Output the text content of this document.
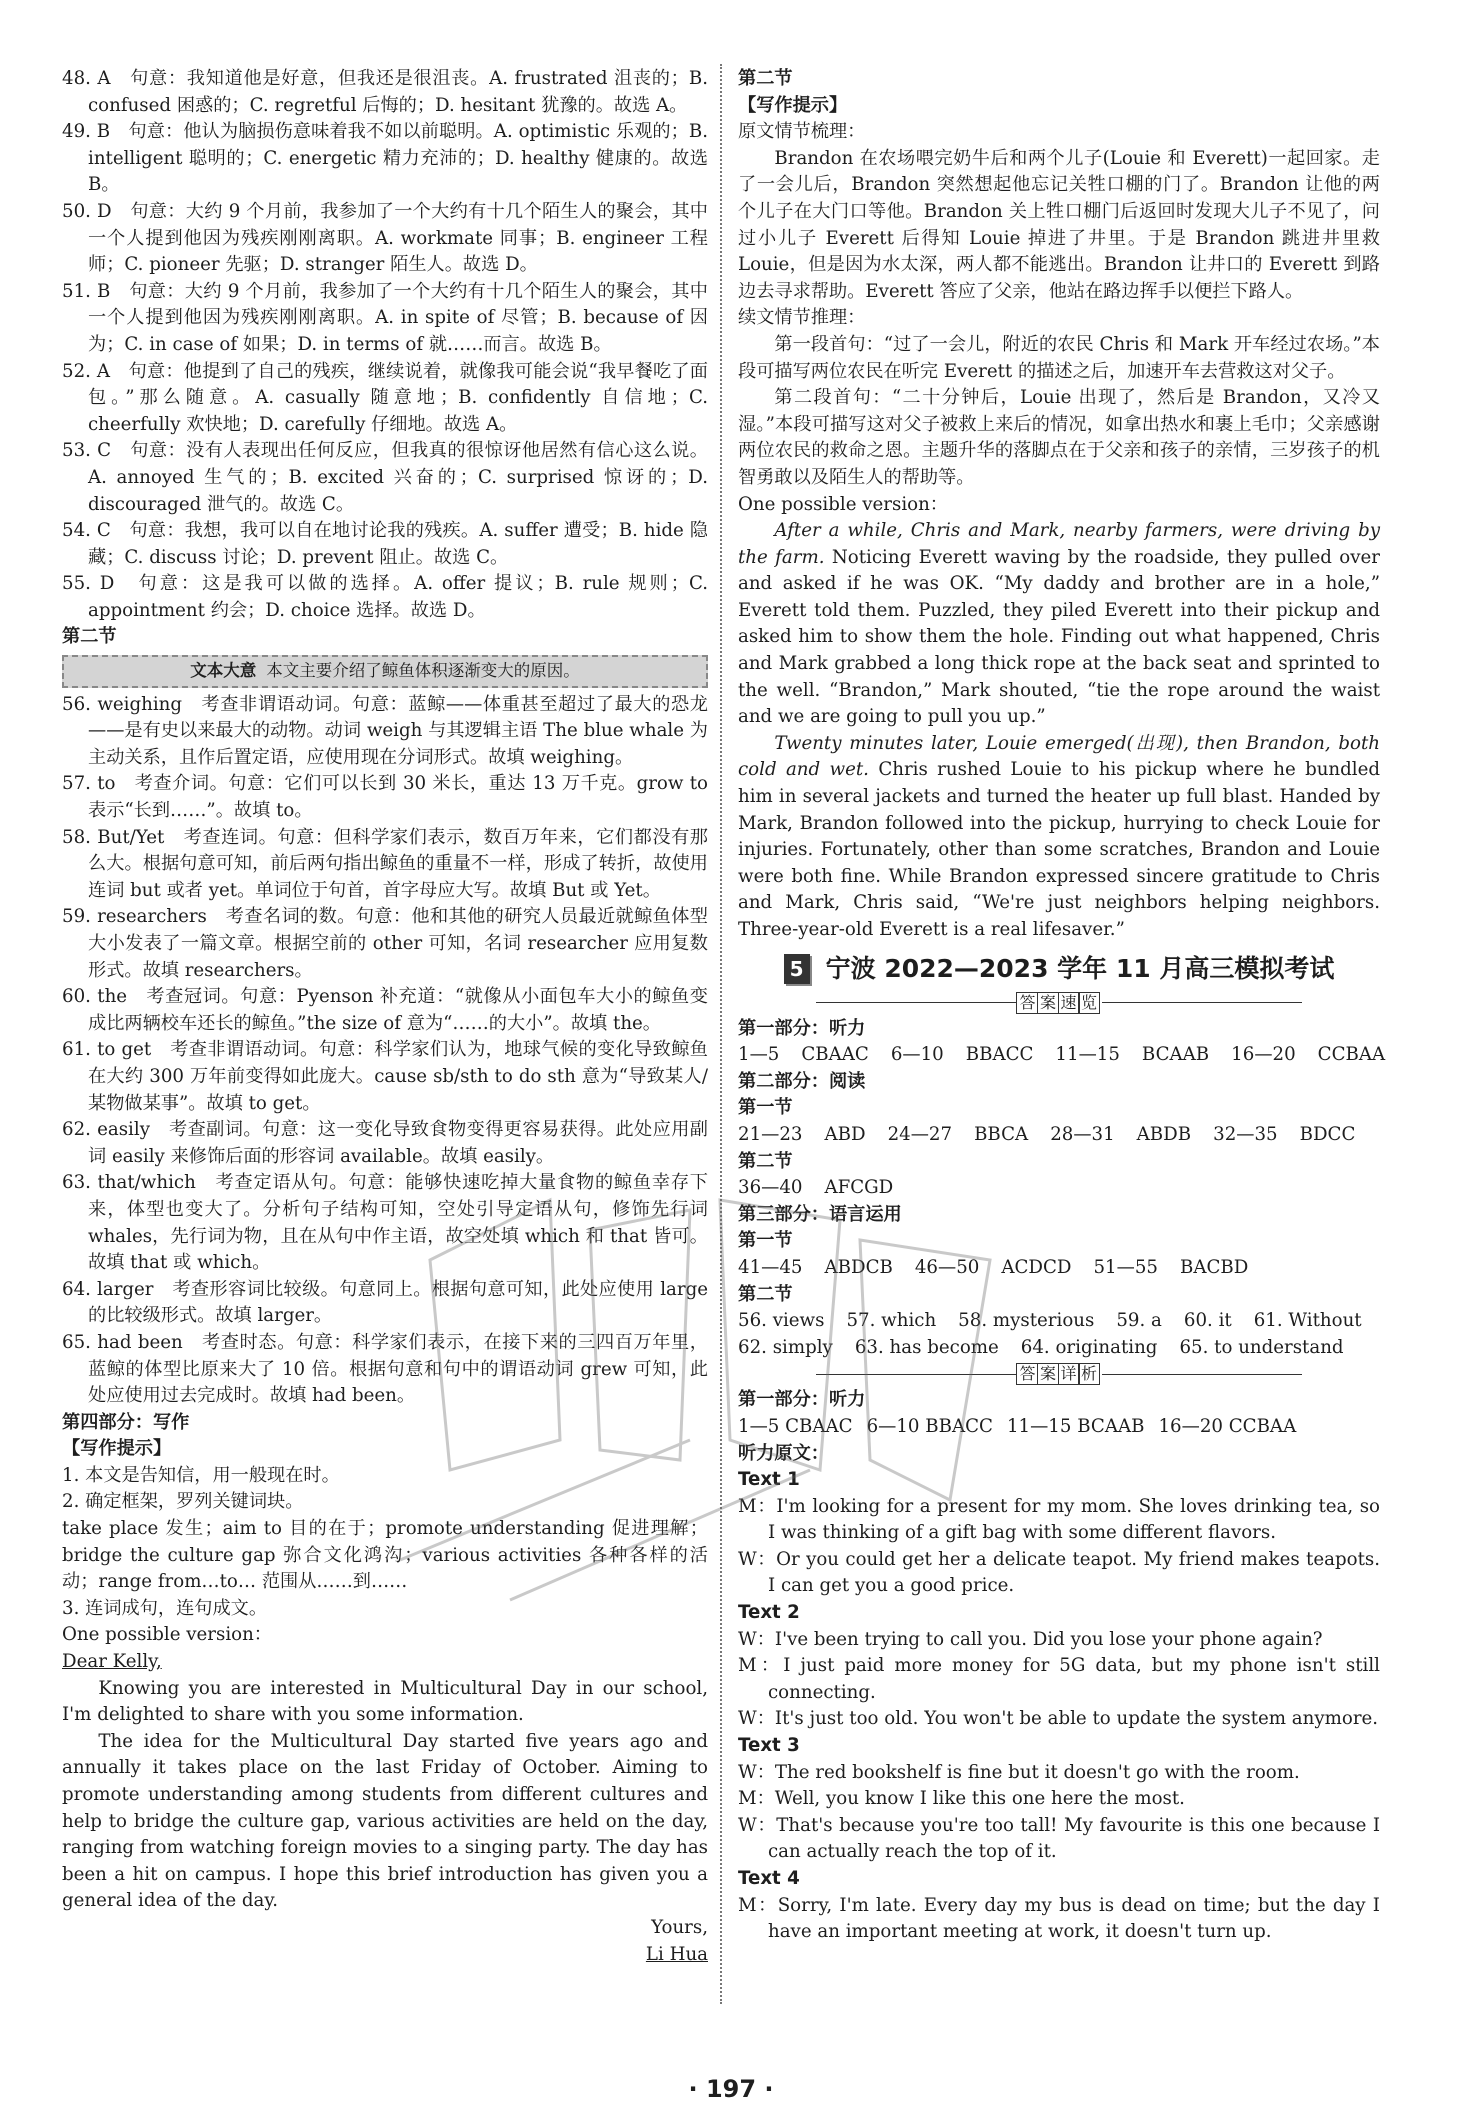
48. A　句意：我知道他是好意，但我还是很沮丧。A. frustrated 沮丧的；B. confused 困惑的；C. regretful 后悔的；D. hesitant 犹豫的。故选 A。
49. B　句意：他认为脑损伤意味着我不如以前聪明。A. optimistic 乐观的；B. intelligent 聪明的；C. energetic 精力充沛的；D. healthy 健康的。故选 B。
50. D　句意：大约 9 个月前，我参加了一个大约有十几个陌生人的聚会，其中一个人提到他因为残疾刚刚离职。A. workmate 同事；B. engineer 工程师；C. pioneer 先驱；D. stranger 陌生人。故选 D。
51. B　句意：大约 9 个月前，我参加了一个大约有十几个陌生人的聚会，其中一个人提到他因为残疾刚刚离职。A. in spite of 尽管；B. because of 因为；C. in case of 如果；D. in terms of 就……而言。故选 B。
52. A　句意：他提到了自己的残疾，继续说着，就像我可能会说“我早餐吃了面包。”那么随意。A. casually 随意地；B. confidently 自信地；C. cheerfully 欢快地；D. carefully 仔细地。故选 A。
53. C　句意：没有人表现出任何反应，但我真的很惊讶他居然有信心这么说。A. annoyed 生气的；B. excited 兴奋的；C. surprised 惊讶的；D. discouraged 泄气的。故选 C。
54. C　句意：我想，我可以自在地讨论我的残疾。A. suffer 遭受；B. hide 隐藏；C. discuss 讨论；D. prevent 阻止。故选 C。
55. D　句意：这是我可以做的选择。A. offer 提议；B. rule 规则；C. appointment 约会；D. choice 选择。故选 D。
第二节
文本大意 本文主要介绍了鲸鱼体积逐渐变大的原因。
56. weighing　考查非谓语动词。句意：蓝鲸——体重甚至超过了最大的恐龙——是有史以来最大的动物。动词 weigh 与其逻辑主语 The blue whale 为主动关系，且作后置定语，应使用现在分词形式。故填 weighing。
57. to　考查介词。句意：它们可以长到 30 米长，重达 13 万千克。grow to 表示“长到……”。故填 to。
58. But/Yet　考查连词。句意：但科学家们表示，数百万年来，它们都没有那么大。根据句意可知，前后两句指出鲸鱼的重量不一样，形成了转折，故使用连词 but 或者 yet。单词位于句首，首字母应大写。故填 But 或 Yet。
59. researchers　考查名词的数。句意：他和其他的研究人员最近就鲸鱼体型大小发表了一篇文章。根据空前的 other 可知，名词 researcher 应用复数形式。故填 researchers。
60. the　考查冠词。句意：Pyenson 补充道：“就像从小面包车大小的鲸鱼变成比两辆校车还长的鲸鱼。”the size of 意为“……的大小”。故填 the。
61. to get　考查非谓语动词。句意：科学家们认为，地球气候的变化导致鲸鱼在大约 300 万年前变得如此庞大。cause sb/sth to do sth 意为“导致某人/某物做某事”。故填 to get。
62. easily　考查副词。句意：这一变化导致食物变得更容易获得。此处应用副词 easily 来修饰后面的形容词 available。故填 easily。
63. that/which　考查定语从句。句意：能够快速吃掉大量食物的鲸鱼幸存下来，体型也变大了。分析句子结构可知，空处引导定语从句，修饰先行词 whales，先行词为物，且在从句中作主语，故空处填 which 和 that 皆可。故填 that 或 which。
64. larger　考查形容词比较级。句意同上。根据句意可知，此处应使用 large 的比较级形式。故填 larger。
65. had been　考查时态。句意：科学家们表示，在接下来的三四百万年里，蓝鲸的体型比原来大了 10 倍。根据句意和句中的谓语动词 grew 可知，此处应使用过去完成时。故填 had been。
第四部分：写作
【写作提示】
1. 本文是告知信，用一般现在时。
2. 确定框架，罗列关键词块。
take place 发生；aim to 目的在于；promote understanding 促进理解；bridge the culture gap 弥合文化鸿沟；various activities 各种各样的活动；range from…to… 范围从……到……
3. 连词成句，连句成文。
One possible version：
Dear Kelly,
Knowing you are interested in Multicultural Day in our school, I'm delighted to share with you some information.
The idea for the Multicultural Day started five years ago and annually it takes place on the last Friday of October. Aiming to promote understanding among students from different cultures and help to bridge the culture gap, various activities are held on the day, ranging from watching foreign movies to a singing party. The day has been a hit on campus. I hope this brief introduction has given you a general idea of the day.
Yours,
Li Hua
第二节
【写作提示】
原文情节梳理：
Brandon 在农场喂完奶牛后和两个儿子(Louie 和 Everett)一起回家。走了一会儿后，Brandon 突然想起他忘记关牲口棚的门了。Brandon 让他的两个儿子在大门口等他。Brandon 关上牲口棚门后返回时发现大儿子不见了，问过小儿子 Everett 后得知 Louie 掉进了井里。于是 Brandon 跳进井里救 Louie，但是因为水太深，两人都不能逃出。Brandon 让井口的 Everett 到路边去寻求帮助。Everett 答应了父亲，他站在路边挥手以便拦下路人。
续文情节推理：
第一段首句：“过了一会儿，附近的农民 Chris 和 Mark 开车经过农场。”本段可描写两位农民在听完 Everett 的描述之后，加速开车去营救这对父子。
第二段首句：“二十分钟后，Louie 出现了，然后是 Brandon，又冷又湿。”本段可描写这对父子被救上来后的情况，如拿出热水和裹上毛巾；父亲感谢两位农民的救命之恩。主题升华的落脚点在于父亲和孩子的亲情，三岁孩子的机智勇敢以及陌生人的帮助等。
One possible version：
After a while, Chris and Mark, nearby farmers, were driving by the farm. Noticing Everett waving by the roadside, they pulled over and asked if he was OK. “My daddy and brother are in a hole,” Everett told them. Puzzled, they piled Everett into their pickup and asked him to show them the hole. Finding out what happened, Chris and Mark grabbed a long thick rope at the back seat and sprinted to the well. “Brandon,” Mark shouted, “tie the rope around the waist and we are going to pull you up.”
Twenty minutes later, Louie emerged(出现), then Brandon, both cold and wet. Chris rushed Louie to his pickup where he bundled him in several jackets and turned the heater up full blast. Handed by Mark, Brandon followed into the pickup, hurrying to check Louie for injuries. Fortunately, other than some scratches, Brandon and Louie were both fine. While Brandon expressed sincere gratitude to Chris and Mark, Chris said, “We're just neighbors helping neighbors. Three-year-old Everett is a real lifesaver.”
5 宁波 2022—2023 学年 11 月高三模拟考试
答 案 速 览
第一部分：听力
1—5 CBAAC 6—10 BBACC 11—15 BCAAB 16—20 CCBAA
第二部分：阅读
第一节
21—23 ABD 24—27 BBCA 28—31 ABDB 32—35 BDCC
第二节
36—40 AFCGD
第三部分：语言运用
第一节
41—45 ABDCB 46—50 ACDCD 51—55 BACBD
第二节
56. views 57. which 58. mysterious 59. a 60. it 61. Without
62. simply 63. has become 64. originating 65. to understand
答 案 详 析
第一部分：听力
1—5 CBAAC 6—10 BBACC 11—15 BCAAB 16—20 CCBAA
听力原文：
Text 1
M：I'm looking for a present for my mom. She loves drinking tea, so I was thinking of a gift bag with some different flavors.
W：Or you could get her a delicate teapot. My friend makes teapots. I can get you a good price.
Text 2
W：I've been trying to call you. Did you lose your phone again?
M：I just paid more money for 5G data, but my phone isn't still connecting.
W：It's just too old. You won't be able to update the system anymore.
Text 3
W：The red bookshelf is fine but it doesn't go with the room.
M：Well, you know I like this one here the most.
W：That's because you're too tall! My favourite is this one because I can actually reach the top of it.
Text 4
M：Sorry, I'm late. Every day my bus is dead on time; but the day I have an important meeting at work, it doesn't turn up.
· 197 ·
